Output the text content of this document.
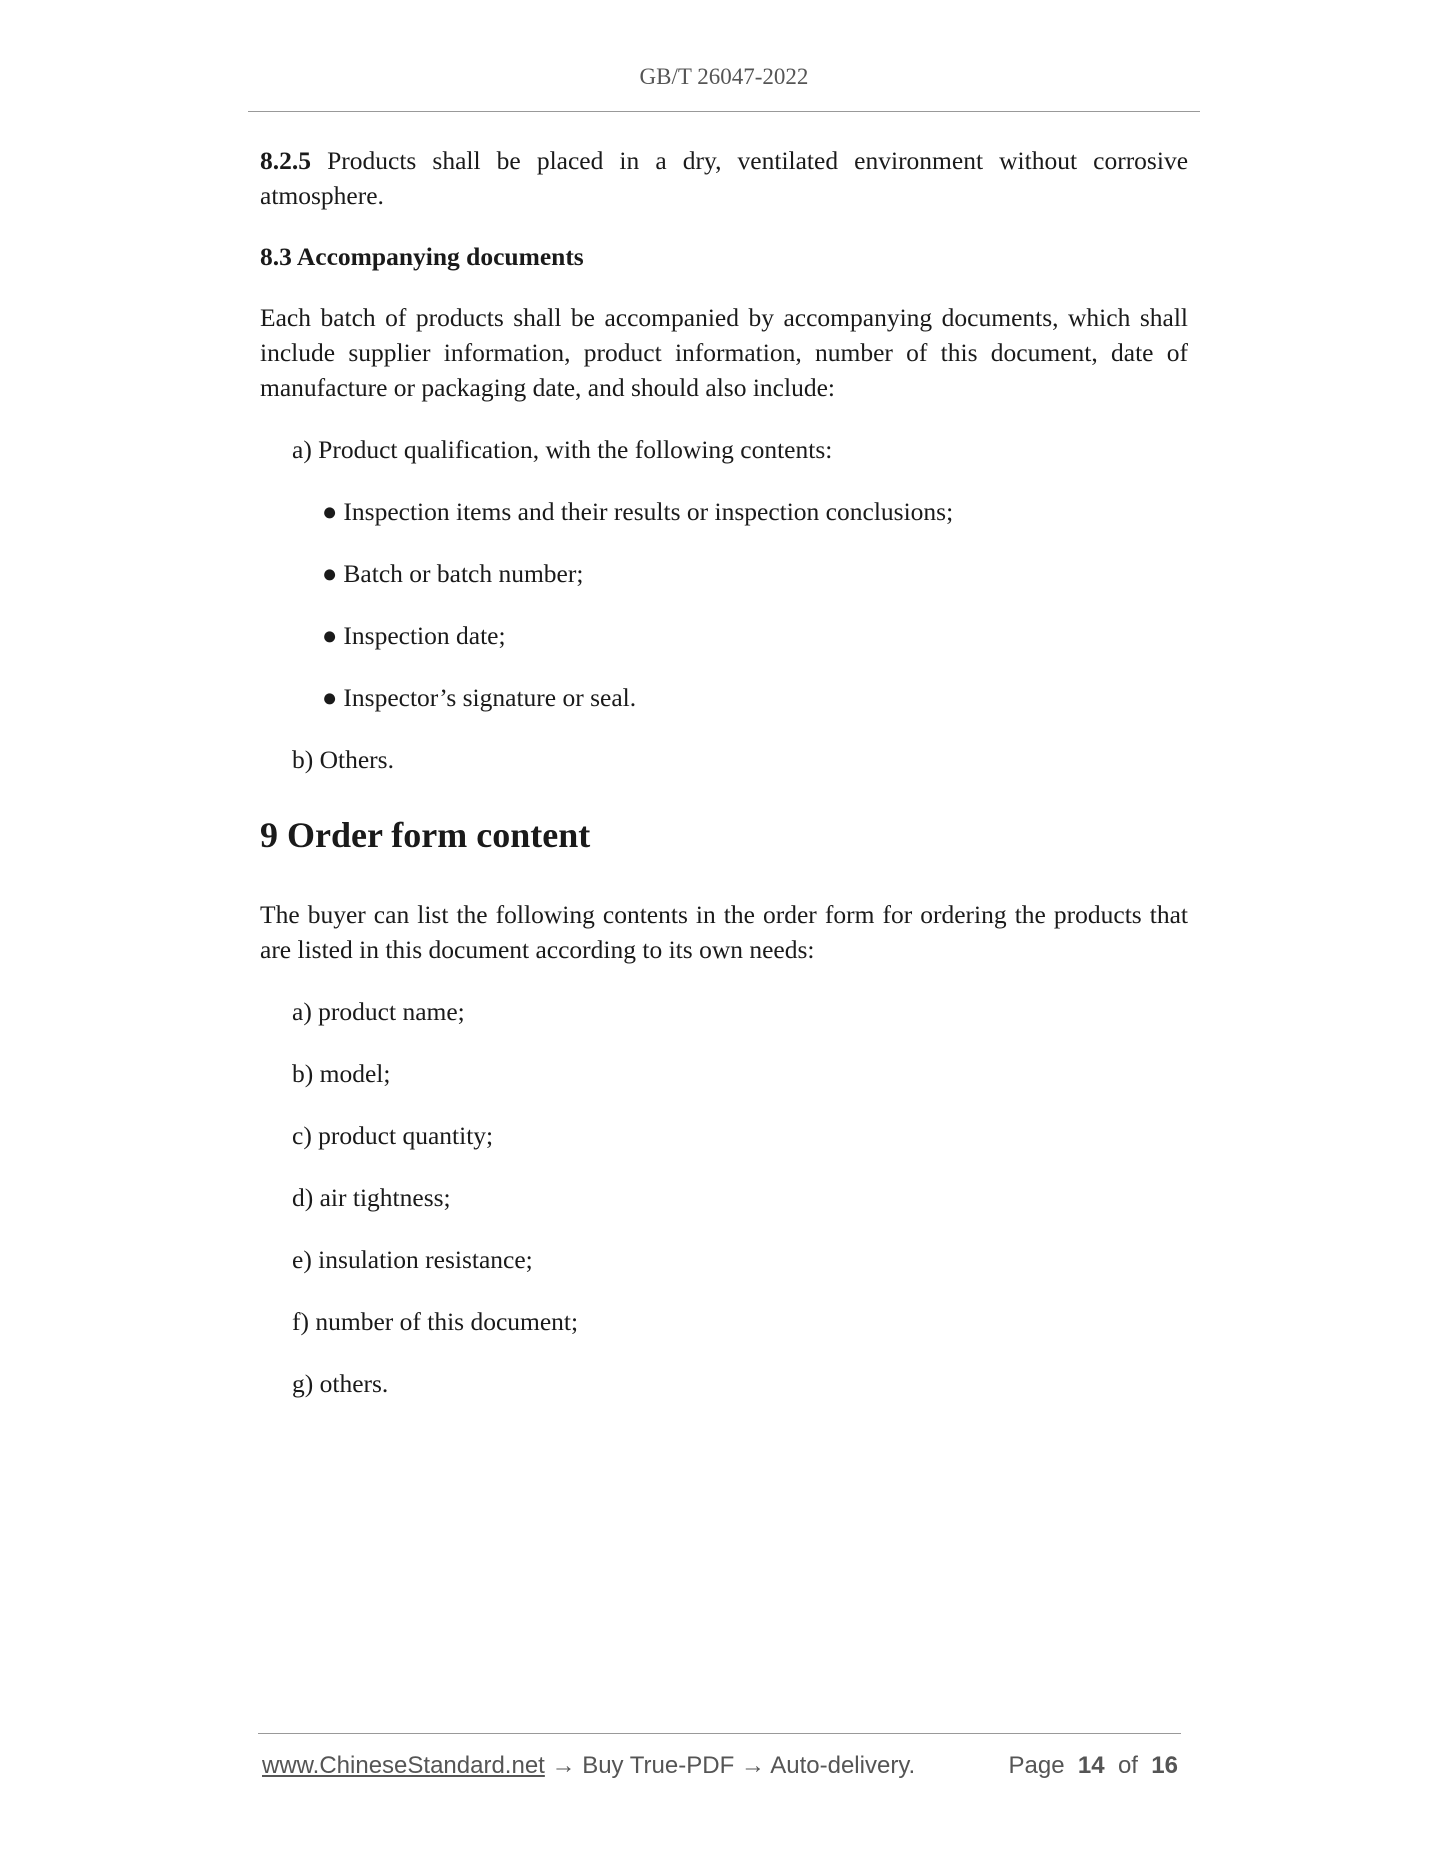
GB/T 26047-2022

8.2.5 Products shall be placed in a dry, ventilated environment without corrosive atmosphere.

8.3 Accompanying documents

Each batch of products shall be accompanied by accompanying documents, which shall include supplier information, product information, number of this document, date of manufacture or packaging date, and should also include:

a) Product qualification, with the following contents:

● Inspection items and their results or inspection conclusions;

● Batch or batch number;

● Inspection date;

● Inspector’s signature or seal.

b) Others.

9 Order form content

The buyer can list the following contents in the order form for ordering the products that are listed in this document according to its own needs:

a) product name;

b) model;

c) product quantity;

d) air tightness;

e) insulation resistance;

f) number of this document;

g) others.

www.ChineseStandard.net → Buy True-PDF → Auto-delivery.	Page 14 of 16
